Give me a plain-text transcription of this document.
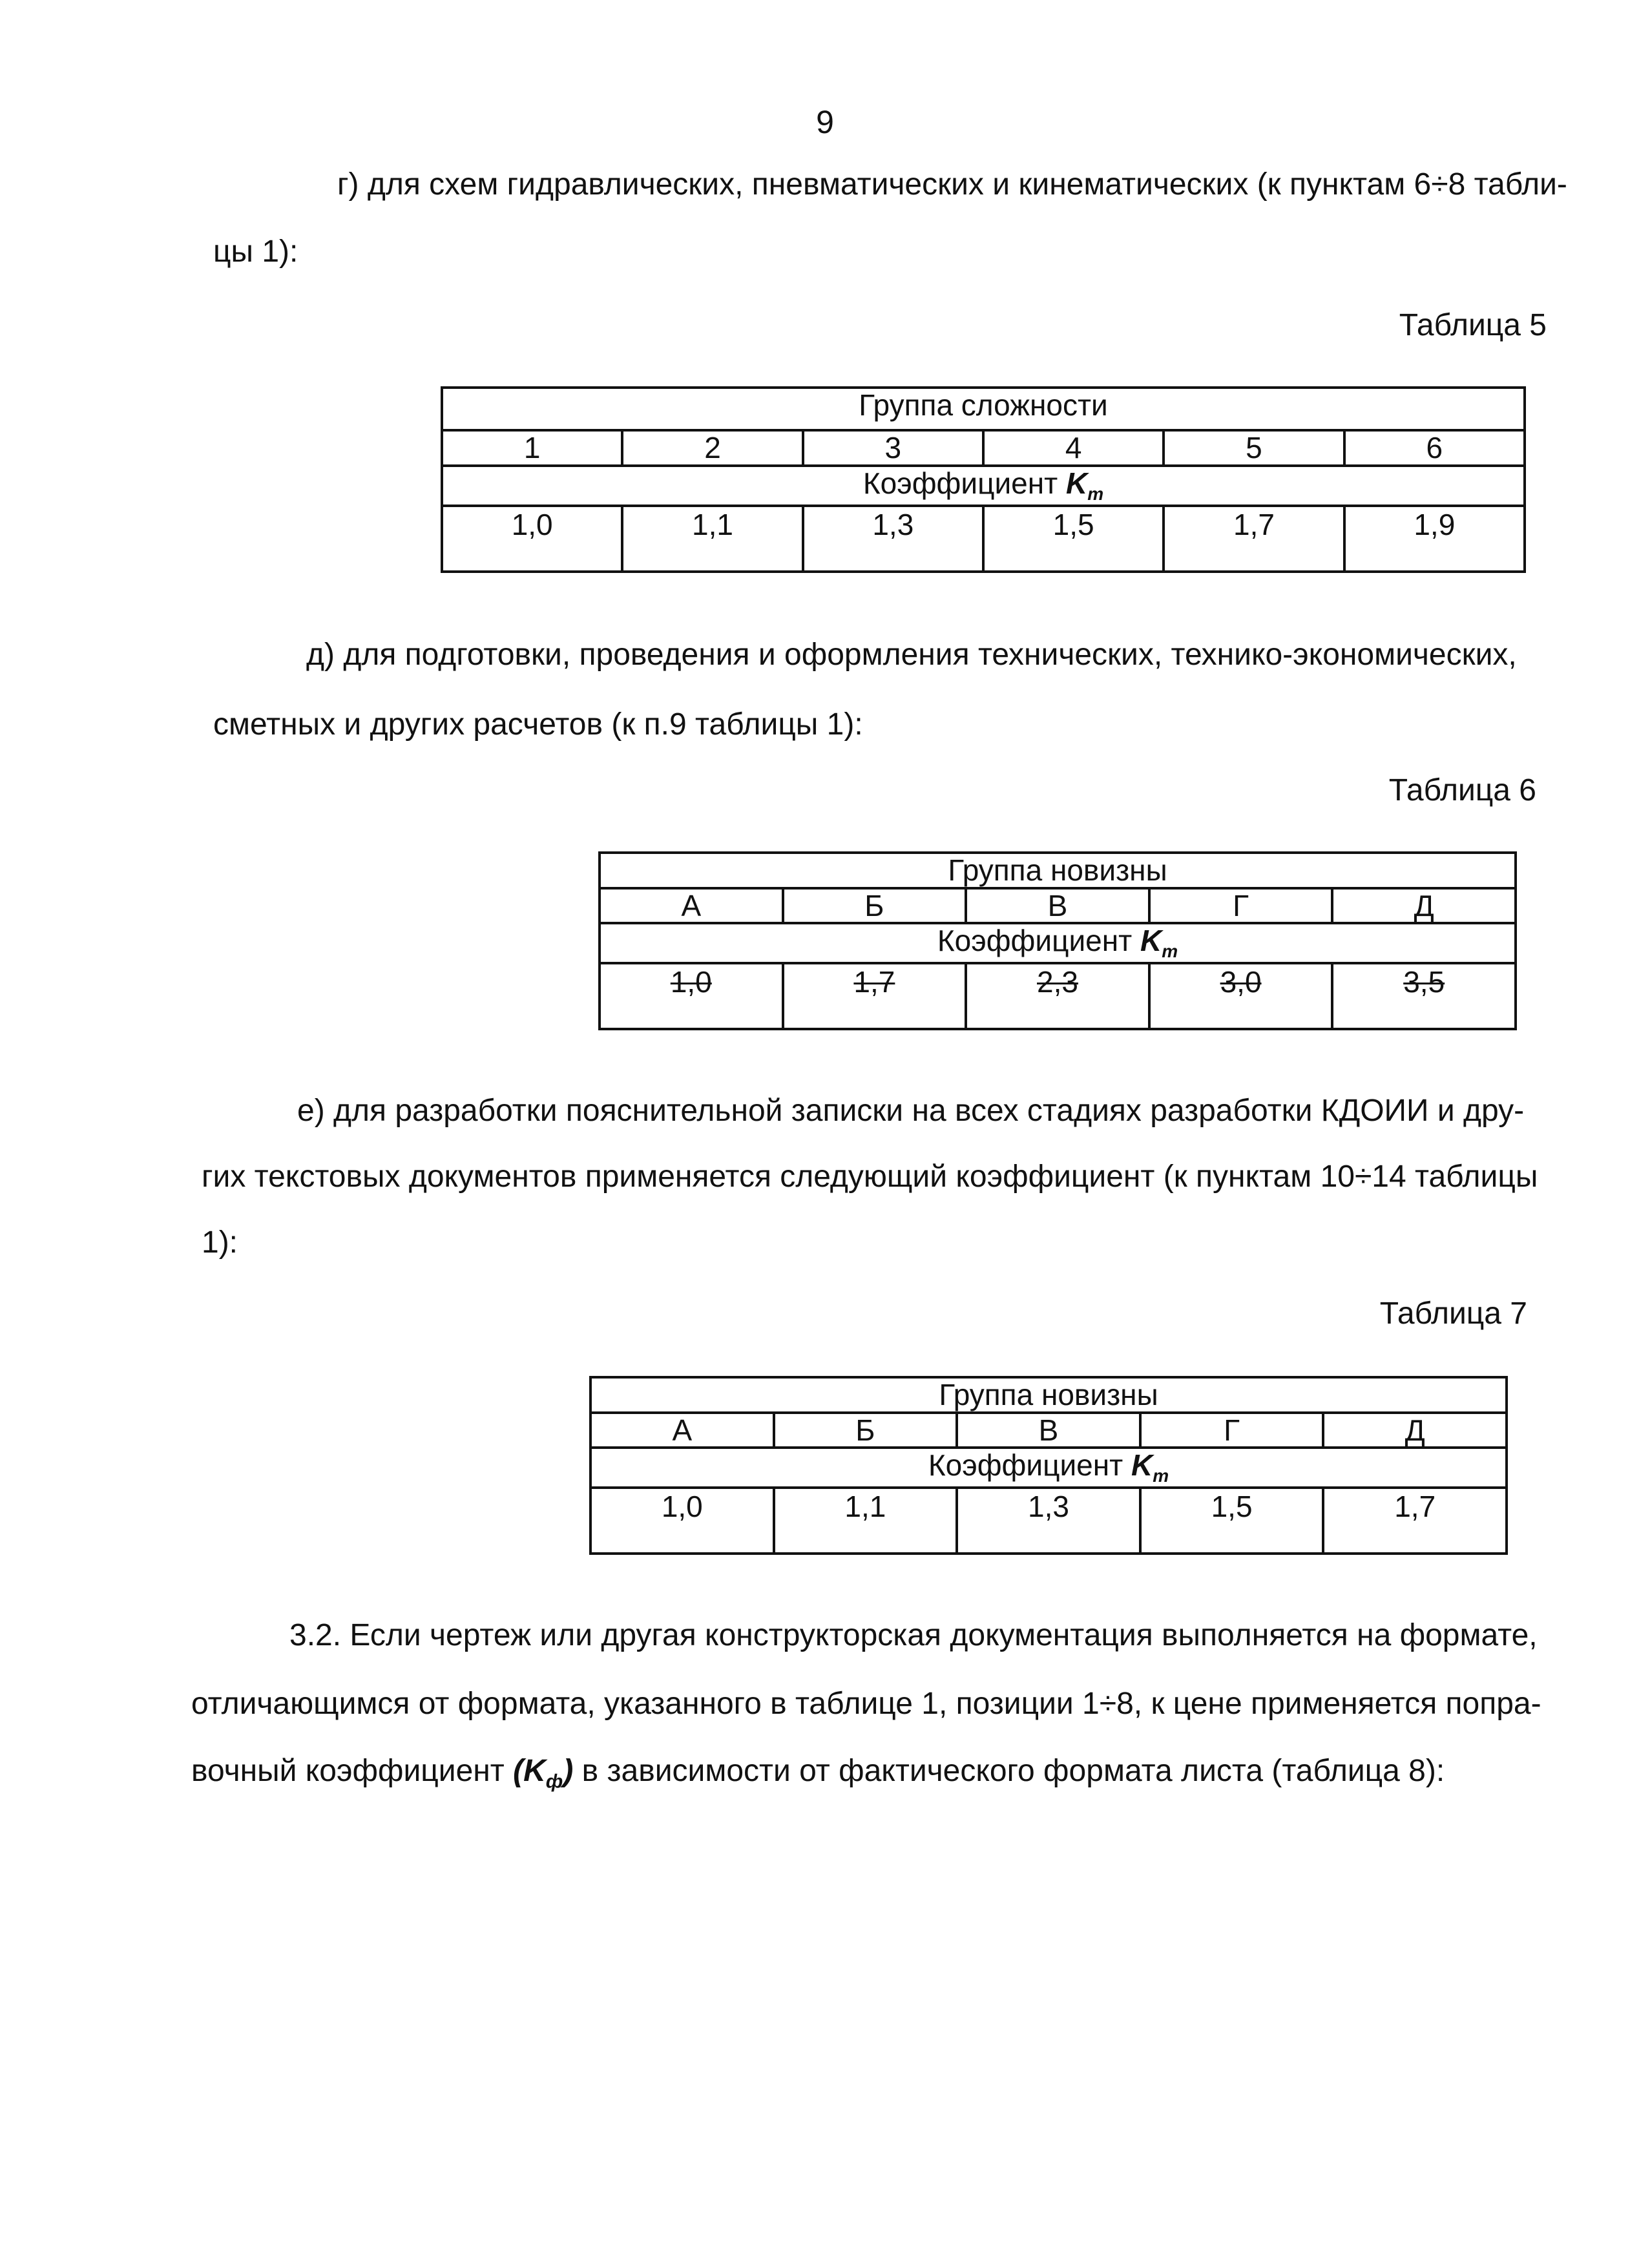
9
г) для схем гидравлических, пневматических и кинематических (к пунктам 6÷8 табли-
цы 1):
Таблица 5
Группа сложности					
1	2	3	4	5	6
Коэффициент $K_т$
1,0	1,1	1,3	1,5	1,7	1,9
д) для подготовки, проведения и оформления технических, технико-экономических,
сметных и других расчетов (к п.9 таблицы 1):
Таблица 6
Группа новизны				
А	Б	В	Г	Д
Коэффициент $K_т$
1,0	1,7	2,3	3,0	3,5
е) для разработки пояснительной записки на всех стадиях разработки КДОИИ и дру-
гих текстовых документов применяется следующий коэффициент (к пунктам 10÷14 таблицы
1):
Таблица 7
Группа новизны				
А	Б	В	Г	Д
Коэффициент $K_т$
1,0	1,1	1,3	1,5	1,7
3.2. Если чертеж или другая конструкторская документация выполняется на формате,
отличающимся от формата, указанного в таблице 1, позиции 1÷8, к цене применяется попра-
вочный коэффициент $(K_ф)$ в зависимости от фактического формата листа (таблица 8):
